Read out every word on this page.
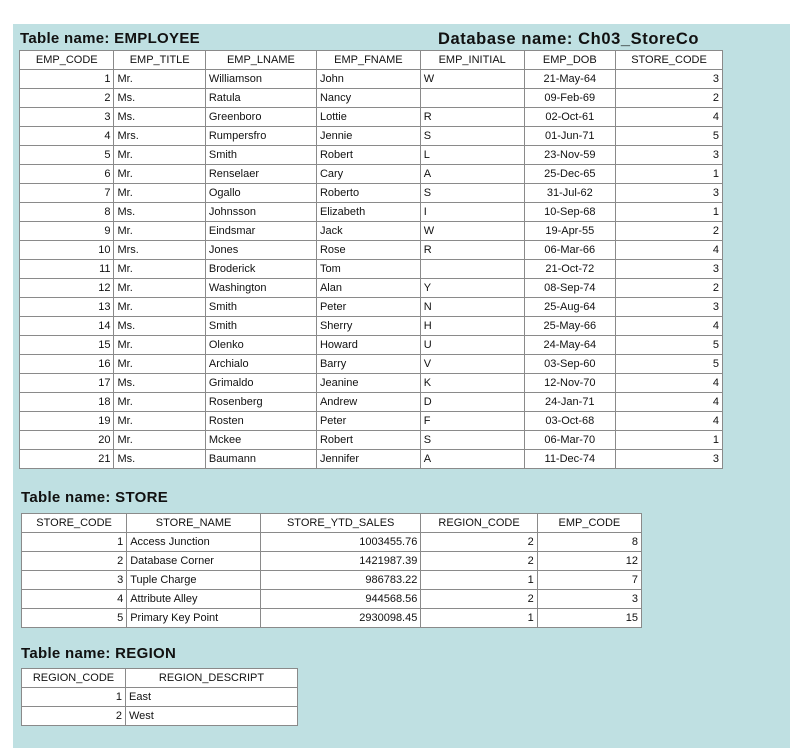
Table name: EMPLOYEE	Database name: Ch03_StoreCo
EMP_CODE	EMP_TITLE	EMP_LNAME	EMP_FNAME	EMP_INITIAL	EMP_DOB	STORE_CODE
1	Mr.	Williamson	John	W	21-May-64	3
2	Ms.	Ratula	Nancy		09-Feb-69	2
3	Ms.	Greenboro	Lottie	R	02-Oct-61	4
4	Mrs.	Rumpersfro	Jennie	S	01-Jun-71	5
5	Mr.	Smith	Robert	L	23-Nov-59	3
6	Mr.	Renselaer	Cary	A	25-Dec-65	1
7	Mr.	Ogallo	Roberto	S	31-Jul-62	3
8	Ms.	Johnsson	Elizabeth	I	10-Sep-68	1
9	Mr.	Eindsmar	Jack	W	19-Apr-55	2
10	Mrs.	Jones	Rose	R	06-Mar-66	4
11	Mr.	Broderick	Tom		21-Oct-72	3
12	Mr.	Washington	Alan	Y	08-Sep-74	2
13	Mr.	Smith	Peter	N	25-Aug-64	3
14	Ms.	Smith	Sherry	H	25-May-66	4
15	Mr.	Olenko	Howard	U	24-May-64	5
16	Mr.	Archialo	Barry	V	03-Sep-60	5
17	Ms.	Grimaldo	Jeanine	K	12-Nov-70	4
18	Mr.	Rosenberg	Andrew	D	24-Jan-71	4
19	Mr.	Rosten	Peter	F	03-Oct-68	4
20	Mr.	Mckee	Robert	S	06-Mar-70	1
21	Ms.	Baumann	Jennifer	A	11-Dec-74	3
Table name: STORE
STORE_CODE	STORE_NAME	STORE_YTD_SALES	REGION_CODE	EMP_CODE
1	Access Junction	1003455.76	2	8
2	Database Corner	1421987.39	2	12
3	Tuple Charge	986783.22	1	7
4	Attribute Alley	944568.56	2	3
5	Primary Key Point	2930098.45	1	15
Table name: REGION
REGION_CODE	REGION_DESCRIPT
1	East
2	West
